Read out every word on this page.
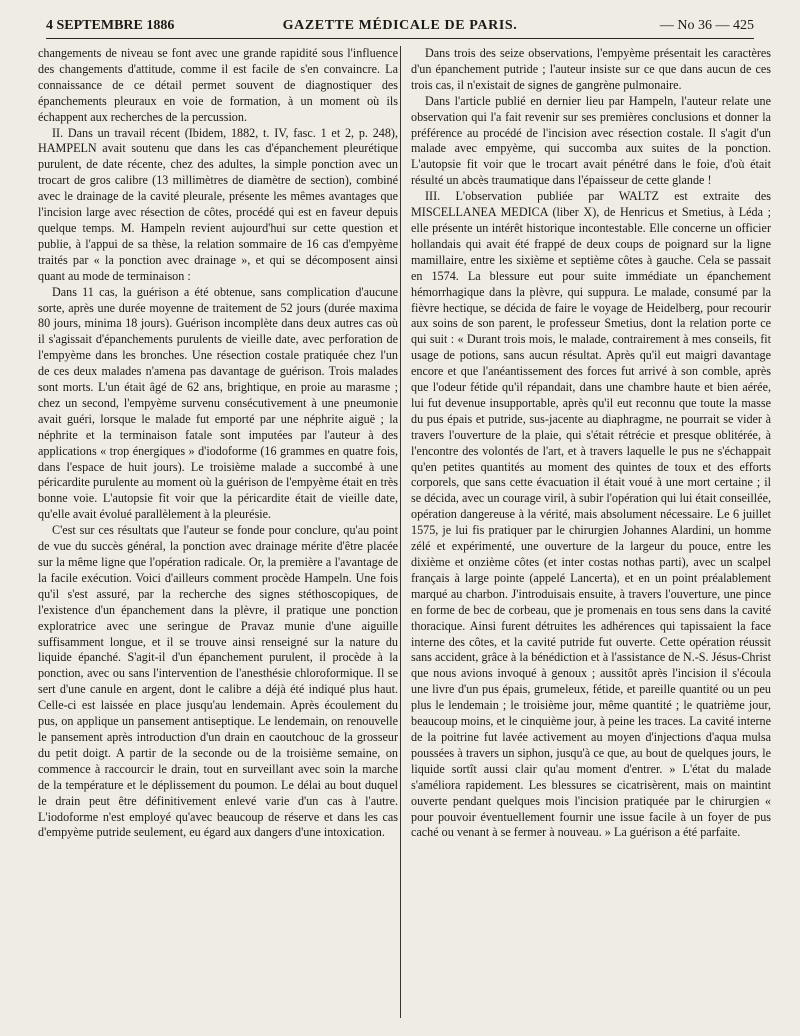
4 SEPTEMBRE 1886	GAZETTE MÉDICALE DE PARIS.	— No 36 — 425

changements de niveau se font avec une grande rapidité sous l'influence des changements d'attitude, comme il est facile de s'en convaincre. La connaissance de ce détail permet souvent de diagnostiquer des épanchements pleuraux en voie de formation, à un moment où ils échappent aux recherches de la percussion.

II. Dans un travail récent (Ibidem, 1882, t. IV, fasc. 1 et 2, p. 248), HAMPELN avait soutenu que dans les cas d'épanchement pleurétique purulent, de date récente, chez des adultes, la simple ponction avec un trocart de gros calibre (13 millimètres de diamètre de section), combiné avec le drainage de la cavité pleurale, présente les mêmes avantages que l'incision large avec résection de côtes, procédé qui est en faveur depuis quelque temps. M. Hampeln revient aujourd'hui sur cette question et publie, à l'appui de sa thèse, la relation sommaire de 16 cas d'empyème traités par « la ponction avec drainage », et qui se décomposent ainsi quant au mode de terminaison :

Dans 11 cas, la guérison a été obtenue, sans complication d'aucune sorte, après une durée moyenne de traitement de 52 jours (durée maxima 80 jours, minima 18 jours). Guérison incomplète dans deux autres cas où il s'agissait d'épanchements purulents de vieille date, avec perforation de l'empyème dans les bronches. Une résection costale pratiquée chez l'un de ces deux malades n'amena pas davantage de guérison. Trois malades sont morts. L'un était âgé de 62 ans, brightique, en proie au marasme ; chez un second, l'empyème survenu consécutivement à une pneumonie avait guéri, lorsque le malade fut emporté par une néphrite aiguë ; la néphrite et la terminaison fatale sont imputées par l'auteur à des applications « trop énergiques » d'iodoforme (16 grammes en quatre fois, dans l'espace de huit jours). Le troisième malade a succombé à une péricardite purulente au moment où la guérison de l'empyème était en très bonne voie. L'autopsie fit voir que la péricardite était de vieille date, qu'elle avait évolué parallèlement à la pleurésie.

C'est sur ces résultats que l'auteur se fonde pour conclure, qu'au point de vue du succès général, la ponction avec drainage mérite d'être placée sur la même ligne que l'opération radicale. Or, la première a l'avantage de la facile exécution. Voici d'ailleurs comment procède Hampeln. Une fois qu'il s'est assuré, par la recherche des signes stéthoscopiques, de l'existence d'un épanchement dans la plèvre, il pratique une ponction exploratrice avec une seringue de Pravaz munie d'une aiguille suffisamment longue, et il se trouve ainsi renseigné sur la nature du liquide épanché. S'agit-il d'un épanchement purulent, il procède à la ponction, avec ou sans l'intervention de l'anesthésie chloroformique. Il se sert d'une canule en argent, dont le calibre a déjà été indiqué plus haut. Celle-ci est laissée en place jusqu'au lendemain. Après écoulement du pus, on applique un pansement antiseptique. Le lendemain, on renouvelle le pansement après introduction d'un drain en caoutchouc de la grosseur du petit doigt. A partir de la seconde ou de la troisième semaine, on commence à raccourcir le drain, tout en surveillant avec soin la marche de la température et le déplissement du poumon. Le délai au bout duquel le drain peut être définitivement enlevé varie d'un cas à l'autre. L'iodoforme n'est employé qu'avec beaucoup de réserve et dans les cas d'empyème putride seulement, eu égard aux dangers d'une intoxication.

Dans trois des seize observations, l'empyème présentait les caractères d'un épanchement putride ; l'auteur insiste sur ce que dans aucun de ces trois cas, il n'existait de signes de gangrène pulmonaire.

Dans l'article publié en dernier lieu par Hampeln, l'auteur relate une observation qui l'a fait revenir sur ses premières conclusions et donner la préférence au procédé de l'incision avec résection costale. Il s'agit d'un malade avec empyème, qui succomba aux suites de la ponction. L'autopsie fit voir que le trocart avait pénétré dans le foie, d'où était résulté un abcès traumatique dans l'épaisseur de cette glande !

III. L'observation publiée par WALTZ est extraite des MISCELLANEA MEDICA (liber X), de Henricus et Smetius, à Léda ; elle présente un intérêt historique incontestable. Elle concerne un officier hollandais qui avait été frappé de deux coups de poignard sur la ligne mamillaire, entre les sixième et septième côtes à gauche. Cela se passait en 1574. La blessure eut pour suite immédiate un épanchement hémorrhagique dans la plèvre, qui suppura. Le malade, consumé par la fièvre hectique, se décida de faire le voyage de Heidelberg, pour recourir aux soins de son parent, le professeur Smetius, dont la relation porte ce qui suit : « Durant trois mois, le malade, contrairement à mes conseils, fit usage de potions, sans aucun résultat. Après qu'il eut maigri davantage encore et que l'anéantissement des forces fut arrivé à son comble, après que l'odeur fétide qu'il répandait, dans une chambre haute et bien aérée, lui fut devenue insupportable, après qu'il eut reconnu que toute la masse du pus épais et putride, sus-jacente au diaphragme, ne pourrait se vider à travers l'ouverture de la plaie, qui s'était rétrécie et presque oblitérée, à l'encontre des volontés de l'art, et à travers laquelle le pus ne s'échappait qu'en petites quantités au moment des quintes de toux et des efforts corporels, que sans cette évacuation il était voué à une mort certaine ; il se décida, avec un courage viril, à subir l'opération qui lui était conseillée, opération dangereuse à la vérité, mais absolument nécessaire. Le 6 juillet 1575, je lui fis pratiquer par le chirurgien Johannes Alardini, un homme zélé et expérimenté, une ouverture de la largeur du pouce, entre les dixième et onzième côtes (et inter costas nothas parti), avec un scalpel français à large pointe (appelé Lancerta), et en un point préalablement marqué au charbon. J'introduisais ensuite, à travers l'ouverture, une pince en forme de bec de corbeau, que je promenais en tous sens dans la cavité thoracique. Ainsi furent détruites les adhérences qui tapissaient la face interne des côtes, et la cavité putride fut ouverte. Cette opération réussit sans accident, grâce à la bénédiction et à l'assistance de N.-S. Jésus-Christ que nous avions invoqué à genoux ; aussitôt après l'incision il s'écoula une livre d'un pus épais, grumeleux, fétide, et pareille quantité ou un peu plus le lendemain ; le troisième jour, même quantité ; le quatrième jour, beaucoup moins, et le cinquième jour, à peine les traces. La cavité interne de la poitrine fut lavée activement au moyen d'injections d'aqua mulsa poussées à travers un siphon, jusqu'à ce que, au bout de quelques jours, le liquide sortît aussi clair qu'au moment d'entrer. » L'état du malade s'améliora rapidement. Les blessures se cicatrisèrent, mais on maintint ouverte pendant quelques mois l'incision pratiquée par le chirurgien « pour pouvoir éventuellement fournir une issue facile à un foyer de pus caché ou venant à se fermer à nouveau. » La guérison a été parfaite.
